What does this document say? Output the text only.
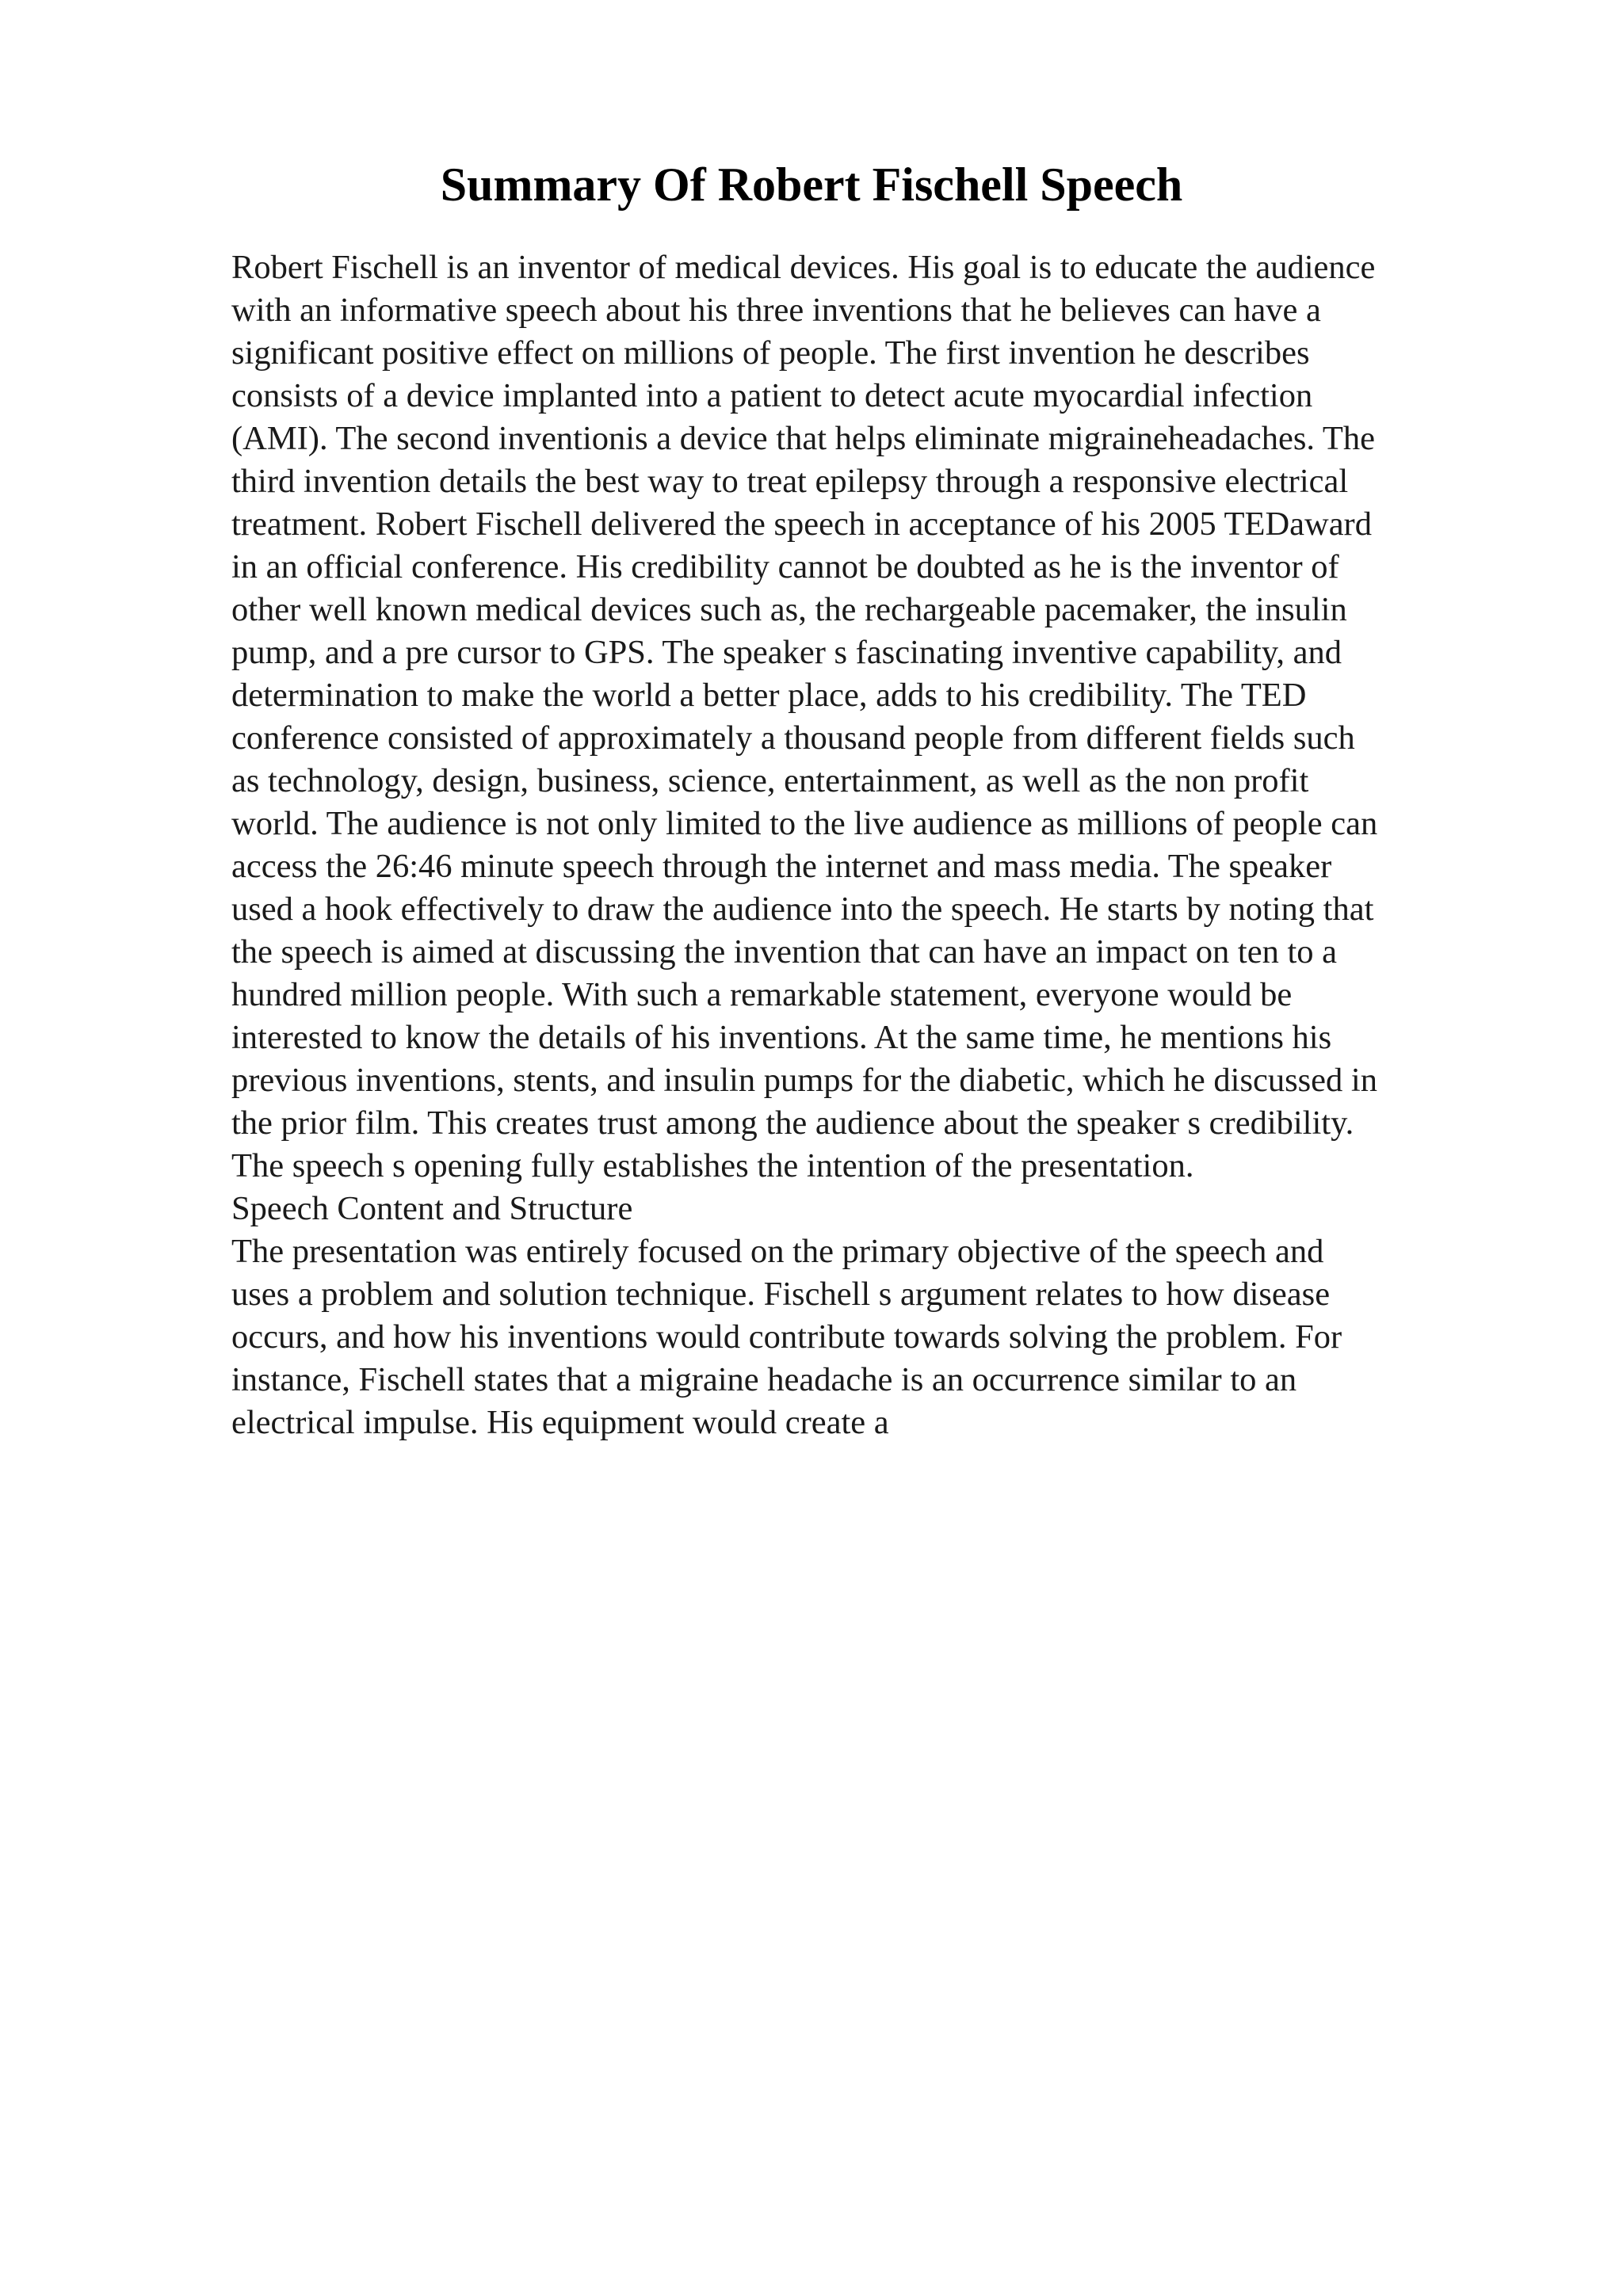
Summary Of Robert Fischell Speech
Robert Fischell is an inventor of medical devices. His goal is to educate the audience
with an informative speech about his three inventions that he believes can have a
significant positive effect on millions of people. The first invention he describes
consists of a device implanted into a patient to detect acute myocardial infection
(AMI). The second inventionis a device that helps eliminate migraineheadaches. The
third invention details the best way to treat epilepsy through a responsive electrical
treatment. Robert Fischell delivered the speech in acceptance of his 2005 TEDaward
in an official conference. His credibility cannot be doubted as he is the inventor of
other well known medical devices such as, the rechargeable pacemaker, the insulin
pump, and a pre cursor to GPS. The speaker s fascinating inventive capability, and
determination to make the world a better place, adds to his credibility. The TED
conference consisted of approximately a thousand people from different fields such
as technology, design, business, science, entertainment, as well as the non profit
world. The audience is not only limited to the live audience as millions of people can
access the 26:46 minute speech through the internet and mass media. The speaker
used a hook effectively to draw the audience into the speech. He starts by noting that
the speech is aimed at discussing the invention that can have an impact on ten to a
hundred million people. With such a remarkable statement, everyone would be
interested to know the details of his inventions. At the same time, he mentions his
previous inventions, stents, and insulin pumps for the diabetic, which he discussed in
the prior film. This creates trust among the audience about the speaker s credibility.
The speech s opening fully establishes the intention of the presentation.
Speech Content and Structure
The presentation was entirely focused on the primary objective of the speech and
uses a problem and solution technique. Fischell s argument relates to how disease
occurs, and how his inventions would contribute towards solving the problem. For
instance, Fischell states that a migraine headache is an occurrence similar to an
electrical impulse. His equipment would create a
